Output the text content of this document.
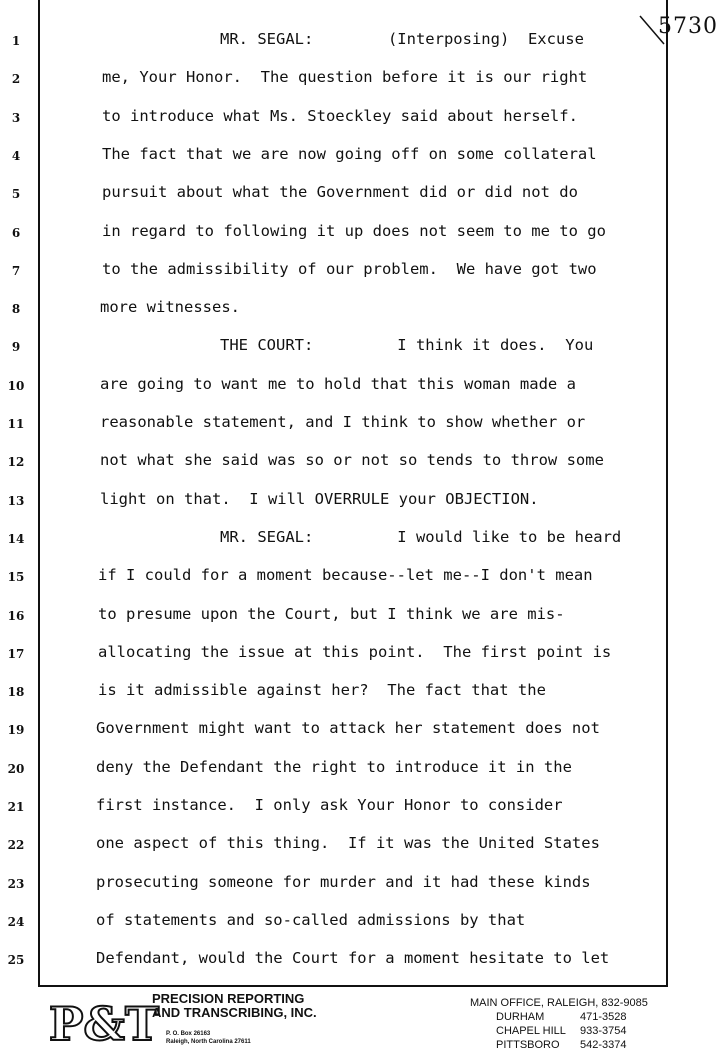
5730
1	MR. SEGAL:        (Interposing)  Excuse
2	me, Your Honor.  The question before it is our right
3	to introduce what Ms. Stoeckley said about herself.
4	The fact that we are now going off on some collateral
5	pursuit about what the Government did or did not do
6	in regard to following it up does not seem to me to go
7	to the admissibility of our problem.  We have got two
8	more witnesses.
9	THE COURT:         I think it does.  You
10	are going to want me to hold that this woman made a
11	reasonable statement, and I think to show whether or
12	not what she said was so or not so tends to throw some
13	light on that.  I will OVERRULE your OBJECTION.
14	MR. SEGAL:         I would like to be heard
15	if I could for a moment because--let me--I don't mean
16	to presume upon the Court, but I think we are mis-
17	allocating the issue at this point.  The first point is
18	is it admissible against her?  The fact that the
19	Government might want to attack her statement does not
20	deny the Defendant the right to introduce it in the
21	first instance.  I only ask Your Honor to consider
22	one aspect of this thing.  If it was the United States
23	prosecuting someone for murder and it had these kinds
24	of statements and so-called admissions by that
25	Defendant, would the Court for a moment hesitate to let
P&T
PRECISION REPORTING
AND TRANSCRIBING, INC.
P. O. Box 26163
Raleigh, North Carolina 27611
MAIN OFFICE, RALEIGH, 832-9085
DURHAM	471-3528
CHAPEL HILL 933-3754
PITTSBORO 542-3374
